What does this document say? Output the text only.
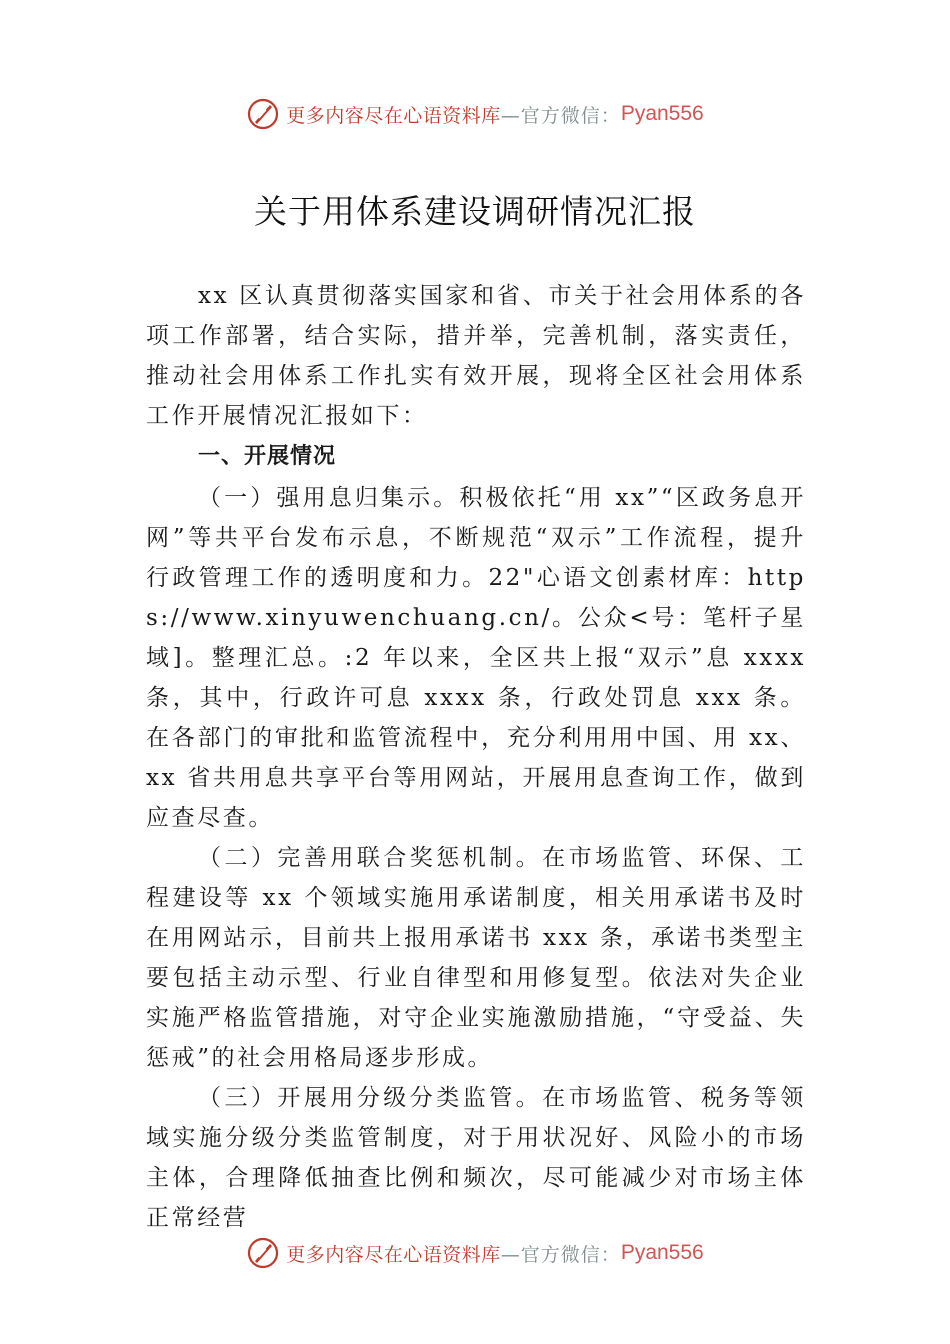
更多内容尽在心语资料库 —官方微信： Pyan556
关于用体系建设调研情况汇报

xx 区认真贯彻落实国家和省、市关于社会用体系的各项工作部署，结合实际，措并举，完善机制，落实责任，推动社会用体系工作扎实有效开展，现将全区社会用体系工作开展情况汇报如下：

一、开展情况

（一）强用息归集示。积极依托“用 xx”“区政务息开网”等共平台发布示息，不断规范“双示”工作流程，提升 行政管理工作的透明度和力。22"心语文创素材库：https://www.xinyuwenchuang.cn/。公众<号：笔杆子星域]。整理汇总。:2 年以来，全区共上报“双示”息 xxxx 条，其中，行政许可息 xxxx 条，行政处罚息 xxx 条。在各部门的审批和监管流程中，充分利用用中国、用 xx、xx 省共用息共享平台等用网站，开展用息查询工作，做到应查尽查。

（二）完善用联合奖惩机制。在市场监管、环保、工程建设等 xx 个领域实施用承诺制度，相关用承诺书及时在用网站示，目前共上报用承诺书 xxx 条，承诺书类型主要包括主动示型、行业自律型和用修复型。依法对失企业实施严格监管措施，对守企业实施激励措施，“守受益、失惩戒”的社会用格局逐步形成。

（三）开展用分级分类监管。在市场监管、税务等领域实施分级分类监管制度，对于用状况好、风险小的市场主体，合理降低抽查比例和频次，尽可能减少对市场主体正常经营

更多内容尽在心语资料库 —官方微信： Pyan556
